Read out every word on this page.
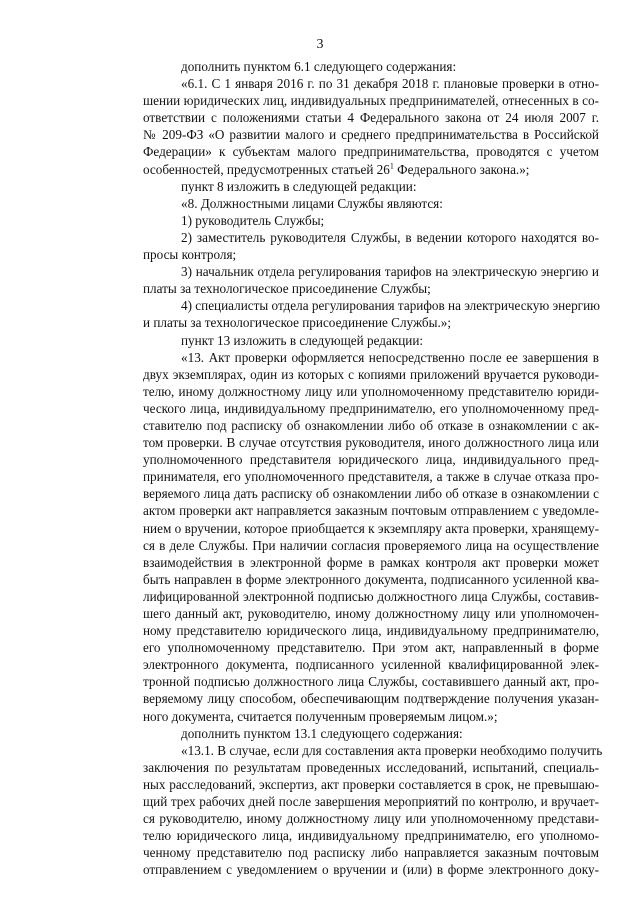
3

дополнить пунктом 6.1 следующего содержания:

«6.1. С 1 января 2016 г. по 31 декабря 2018 г. плановые проверки в отно-
шении юридических лиц, индивидуальных предпринимателей, отнесенных в со-
ответствии с положениями статьи 4 Федерального закона от 24 июля 2007 г.
№ 209-ФЗ «О развитии малого и среднего предпринимательства в Российской
Федерации» к субъектам малого предпринимательства, проводятся с учетом
особенностей, предусмотренных статьей $26^1$ Федерального закона.»;

пункт 8 изложить в следующей редакции:

«8. Должностными лицами Службы являются:

1) руководитель Службы;

2) заместитель руководителя Службы, в ведении которого находятся во-
просы контроля;

3) начальник отдела регулирования тарифов на электрическую энергию и
платы за технологическое присоединение Службы;

4) специалисты отдела регулирования тарифов на электрическую энергию
и платы за технологическое присоединение Службы.»;

пункт 13 изложить в следующей редакции:

«13. Акт проверки оформляется непосредственно после ее завершения в
двух экземплярах, один из которых с копиями приложений вручается руководи-
телю, иному должностному лицу или уполномоченному представителю юриди-
ческого лица, индивидуальному предпринимателю, его уполномоченному пред-
ставителю под расписку об ознакомлении либо об отказе в ознакомлении с ак-
том проверки. В случае отсутствия руководителя, иного должностного лица или
уполномоченного представителя юридического лица, индивидуального пред-
принимателя, его уполномоченного представителя, а также в случае отказа про-
веряемого лица дать расписку об ознакомлении либо об отказе в ознакомлении с
актом проверки акт направляется заказным почтовым отправлением с уведомле-
нием о вручении, которое приобщается к экземпляру акта проверки, хранящему-
ся в деле Службы. При наличии согласия проверяемого лица на осуществление
взаимодействия в электронной форме в рамках контроля акт проверки может
быть направлен в форме электронного документа, подписанного усиленной ква-
лифицированной электронной подписью должностного лица Службы, составив-
шего данный акт, руководителю, иному должностному лицу или уполномочен-
ному представителю юридического лица, индивидуальному предпринимателю,
его уполномоченному представителю. При этом акт, направленный в форме
электронного документа, подписанного усиленной квалифицированной элек-
тронной подписью должностного лица Службы, составившего данный акт, про-
веряемому лицу способом, обеспечивающим подтверждение получения указан-
ного документа, считается полученным проверяемым лицом.»;

дополнить пунктом 13.1 следующего содержания:

«13.1. В случае, если для составления акта проверки необходимо получить
заключения по результатам проведенных исследований, испытаний, специаль-
ных расследований, экспертиз, акт проверки составляется в срок, не превышаю-
щий трех рабочих дней после завершения мероприятий по контролю, и вручает-
ся руководителю, иному должностному лицу или уполномоченному представи-
телю юридического лица, индивидуальному предпринимателю, его уполномо-
ченному представителю под расписку либо направляется заказным почтовым
отправлением с уведомлением о вручении и (или) в форме электронного доку-
